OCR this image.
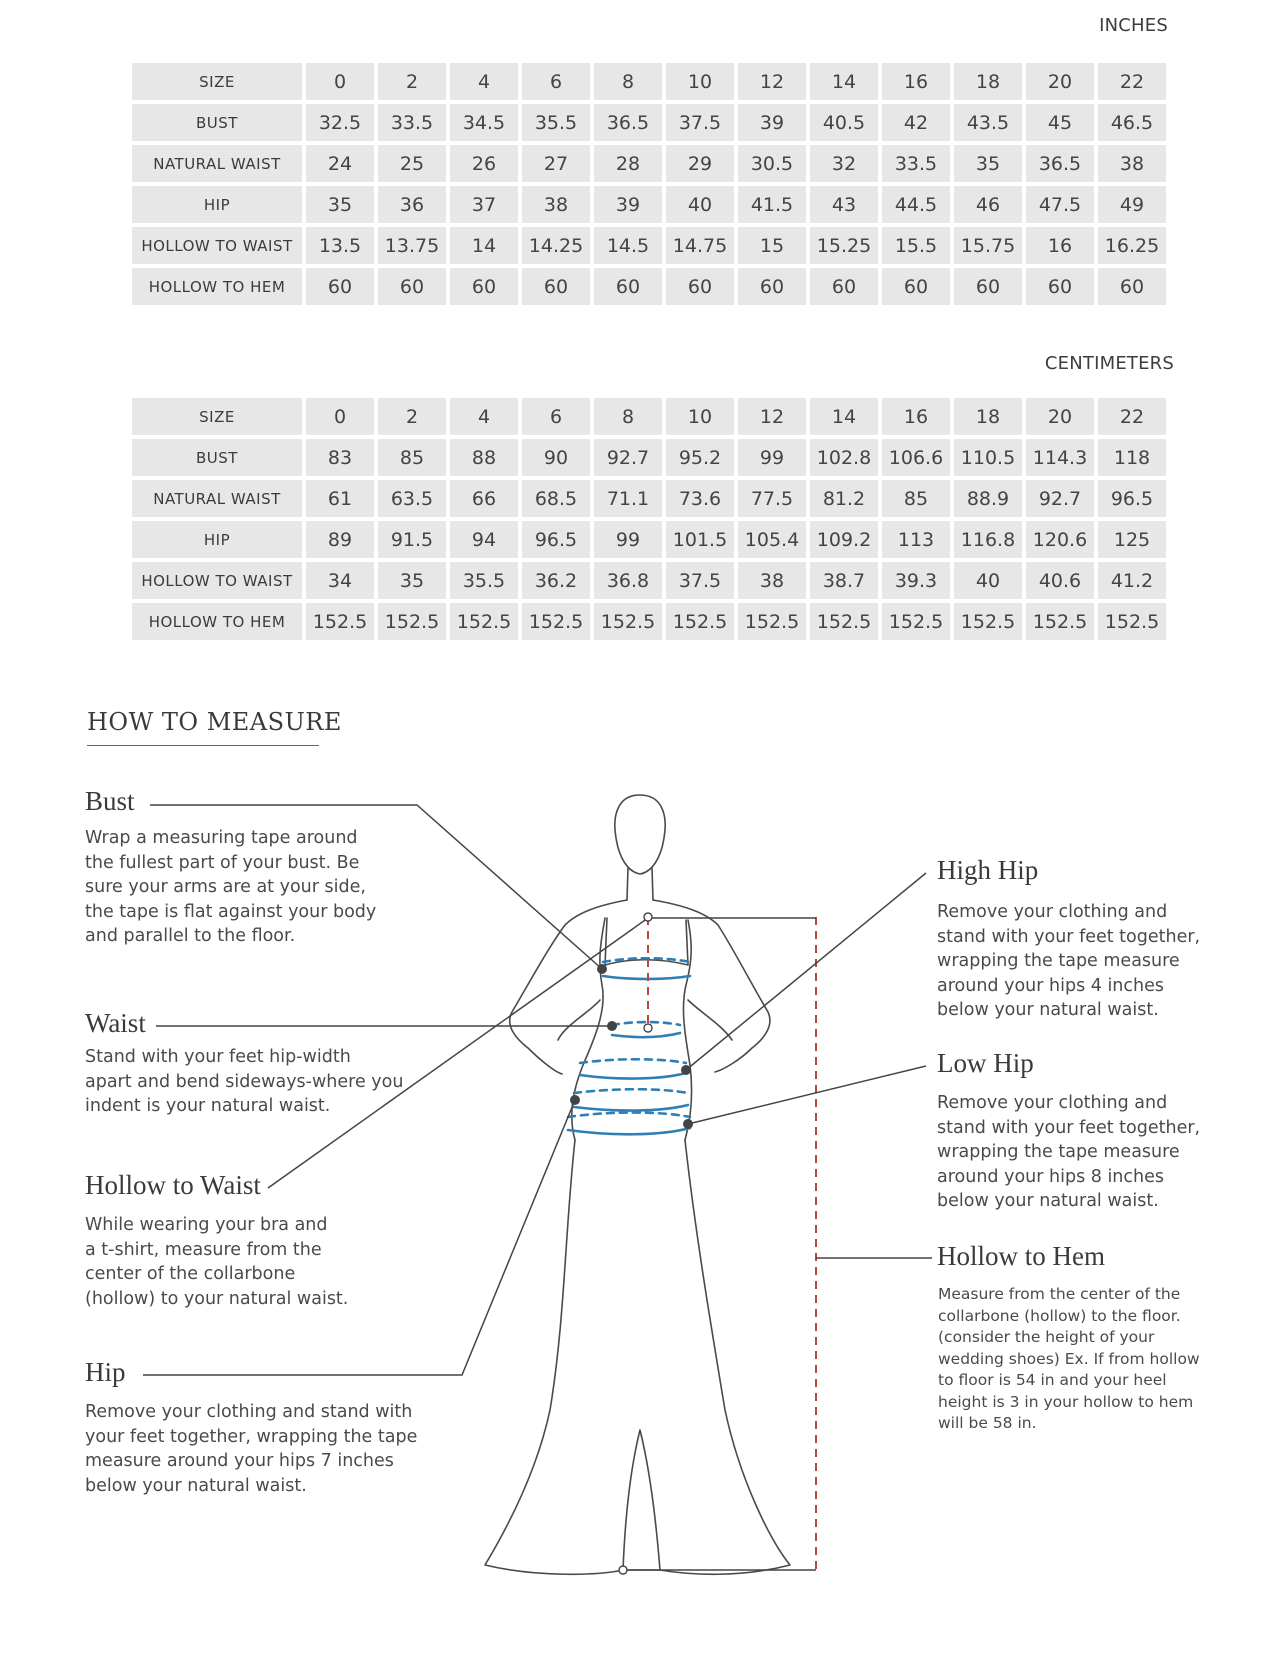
INCHES
SIZE	0	2	4	6	8	10	12	14	16	18	20	22
BUST	32.5	33.5	34.5	35.5	36.5	37.5	39	40.5	42	43.5	45	46.5
NATURAL WAIST	24	25	26	27	28	29	30.5	32	33.5	35	36.5	38
HIP	35	36	37	38	39	40	41.5	43	44.5	46	47.5	49
HOLLOW TO WAIST	13.5	13.75	14	14.25	14.5	14.75	15	15.25	15.5	15.75	16	16.25
HOLLOW TO HEM	60	60	60	60	60	60	60	60	60	60	60	60
CENTIMETERS
SIZE	0	2	4	6	8	10	12	14	16	18	20	22
BUST	83	85	88	90	92.7	95.2	99	102.8	106.6	110.5	114.3	118
NATURAL WAIST	61	63.5	66	68.5	71.1	73.6	77.5	81.2	85	88.9	92.7	96.5
HIP	89	91.5	94	96.5	99	101.5	105.4	109.2	113	116.8	120.6	125
HOLLOW TO WAIST	34	35	35.5	36.2	36.8	37.5	38	38.7	39.3	40	40.6	41.2
HOLLOW TO HEM	152.5	152.5	152.5	152.5	152.5	152.5	152.5	152.5	152.5	152.5	152.5	152.5
HOW TO MEASURE
Bust
Wrap a measuring tape around
the fullest part of your bust. Be
sure your arms are at your side,
the tape is flat against your body
and parallel to the floor.
Waist
Stand with your feet hip-width
apart and bend sideways-where you
indent is your natural waist.
Hollow to Waist
While wearing your bra and
a t-shirt, measure from the
center of the collarbone
(hollow) to your natural waist.
Hip
Remove your clothing and stand with
your feet together, wrapping the tape
measure around your hips 7 inches
below your natural waist.
High Hip
Remove your clothing and
stand with your feet together,
wrapping the tape measure
around your hips 4 inches
below your natural waist.
Low Hip
Remove your clothing and
stand with your feet together,
wrapping the tape measure
around your hips 8 inches
below your natural waist.
Hollow to Hem
Measure from the center of the
collarbone (hollow) to the floor.
(consider the height of your
wedding shoes) Ex. If from hollow
to floor is 54 in and your heel
height is 3 in your hollow to hem
will be 58 in.
